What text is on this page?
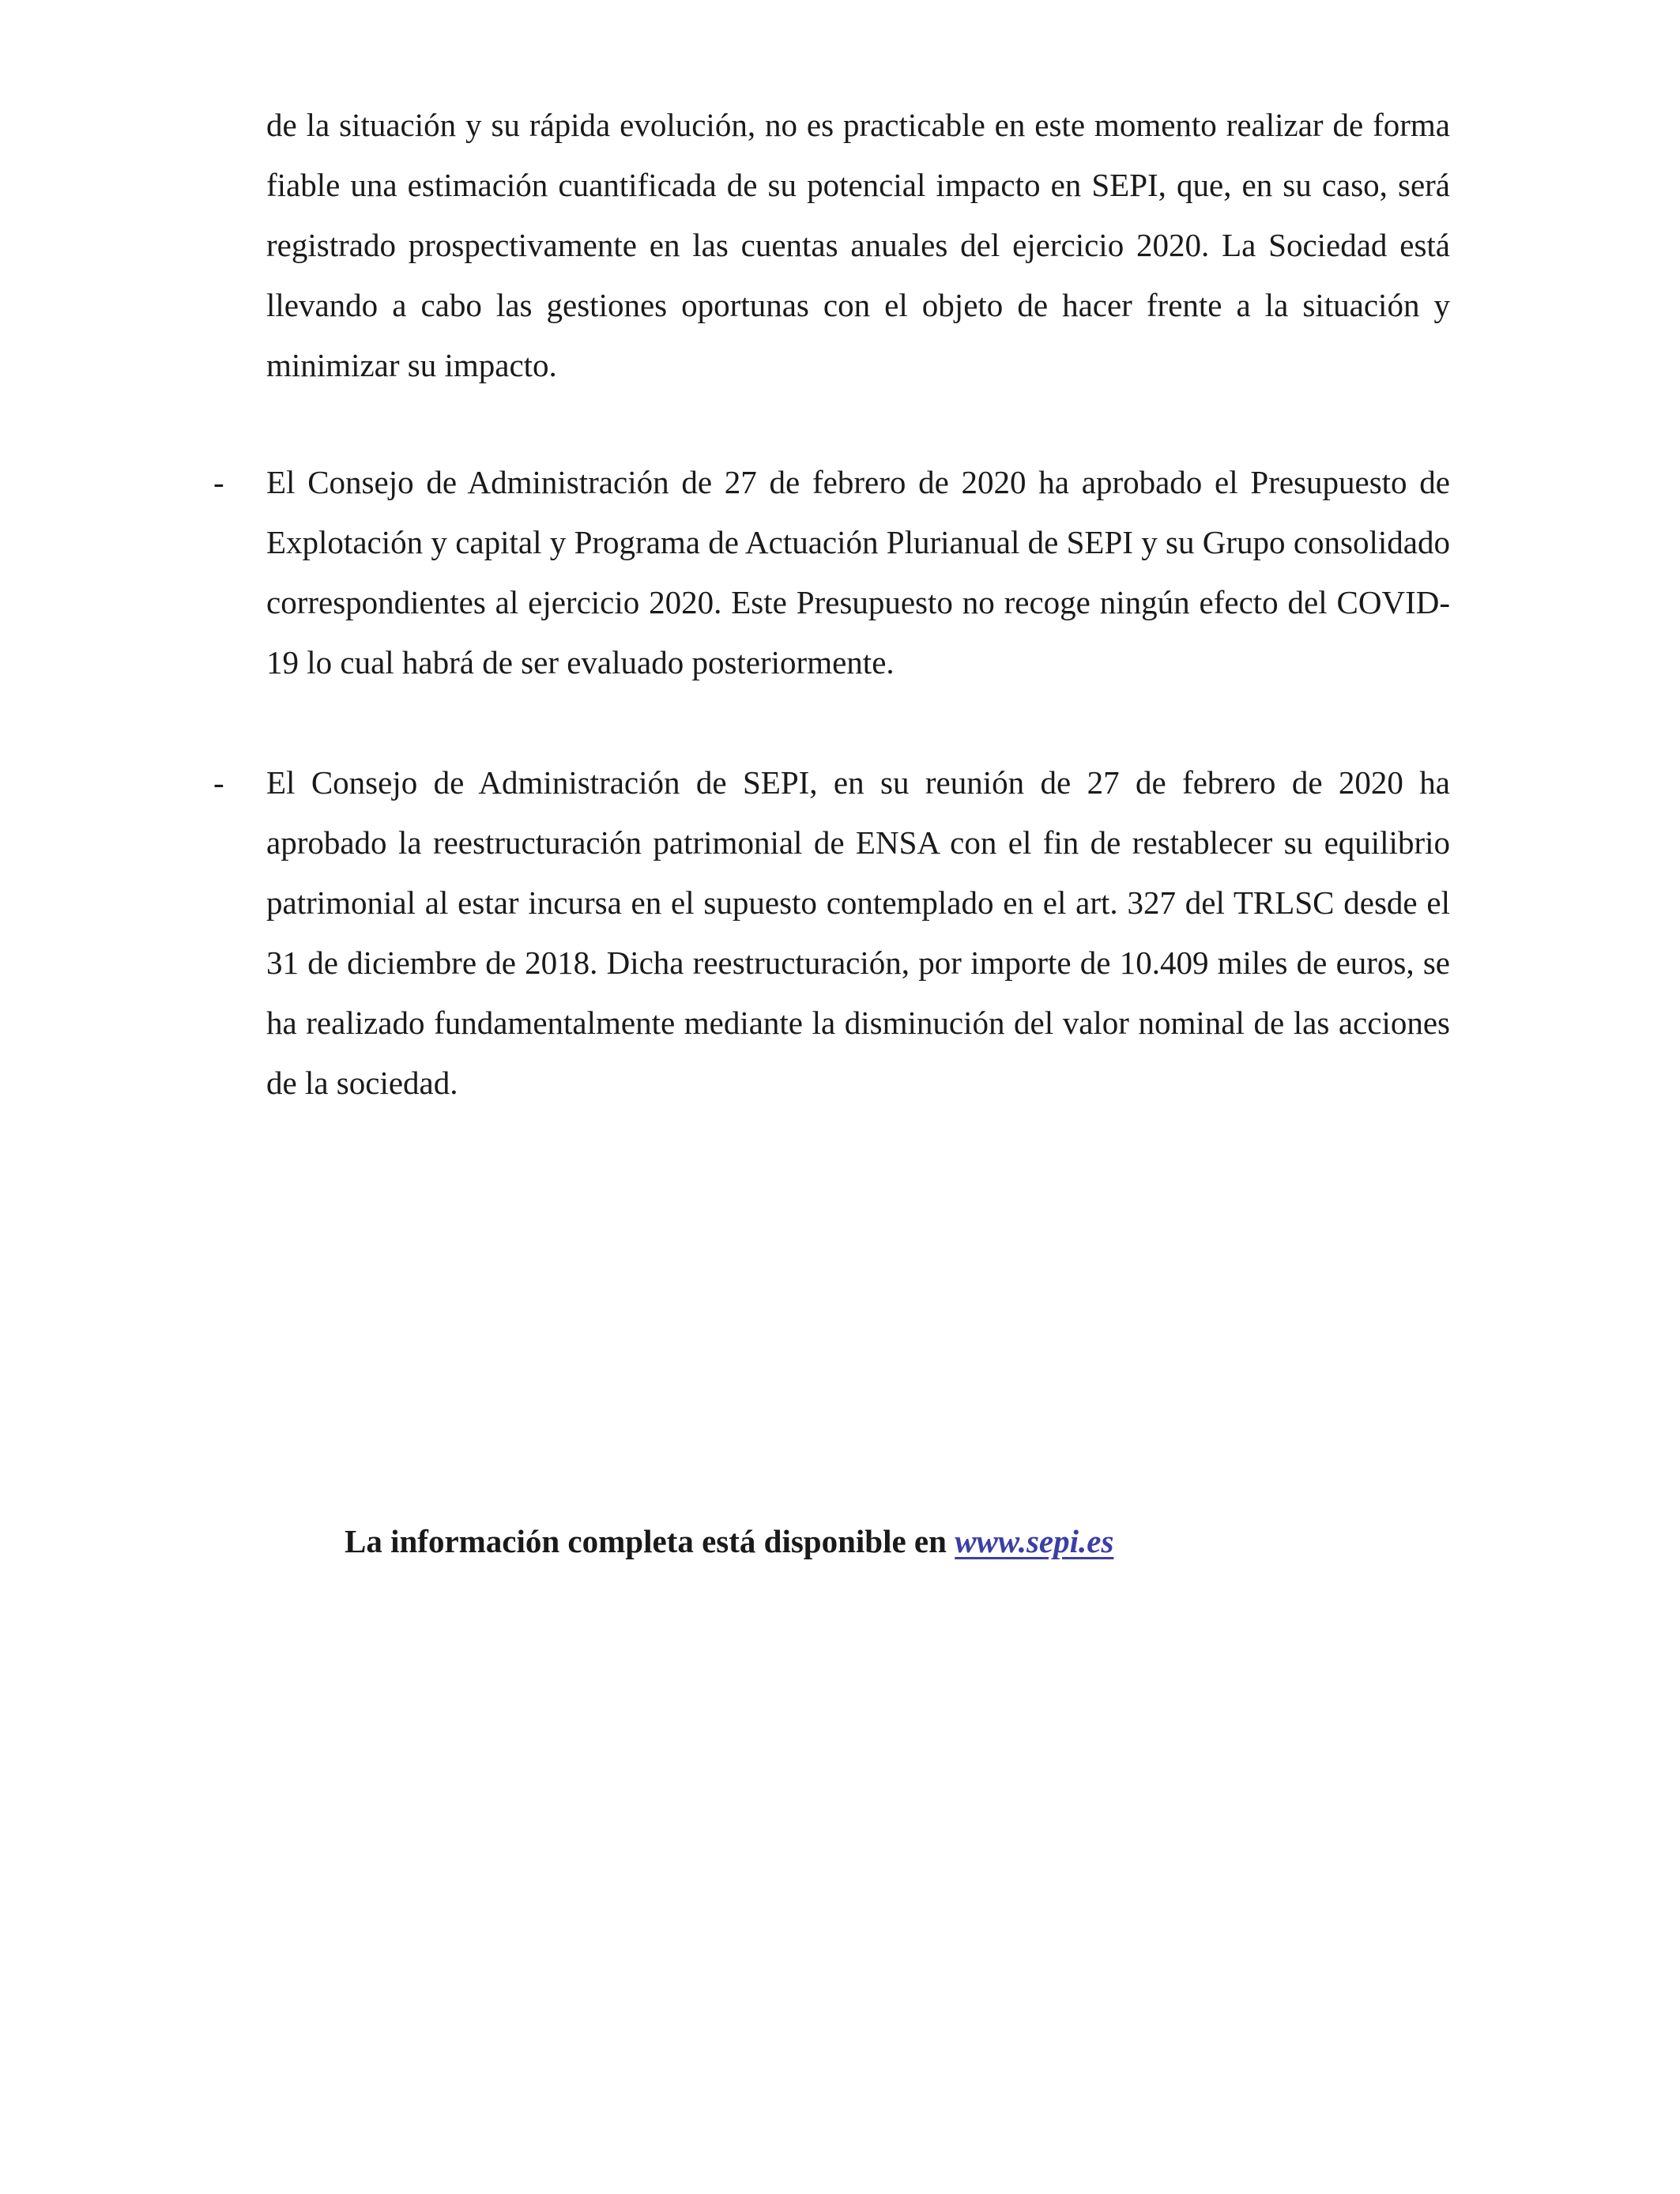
de la situación y su rápida evolución, no es practicable en este momento realizar de forma fiable una estimación cuantificada de su potencial impacto en SEPI, que, en su caso, será registrado prospectivamente en las cuentas anuales del ejercicio 2020. La Sociedad está llevando a cabo las gestiones oportunas con el objeto de hacer frente a la situación y minimizar su impacto.

- El Consejo de Administración de 27 de febrero de 2020 ha aprobado el Presupuesto de Explotación y capital y Programa de Actuación Plurianual de SEPI y su Grupo consolidado correspondientes al ejercicio 2020. Este Presupuesto no recoge ningún efecto del COVID-19 lo cual habrá de ser evaluado posteriormente.

- El Consejo de Administración de SEPI, en su reunión de 27 de febrero de 2020 ha aprobado la reestructuración patrimonial de ENSA con el fin de restablecer su equilibrio patrimonial al estar incursa en el supuesto contemplado en el art. 327 del TRLSC desde el 31 de diciembre de 2018. Dicha reestructuración, por importe de 10.409 miles de euros, se ha realizado fundamentalmente mediante la disminución del valor nominal de las acciones de la sociedad.

La información completa está disponible en www.sepi.es
